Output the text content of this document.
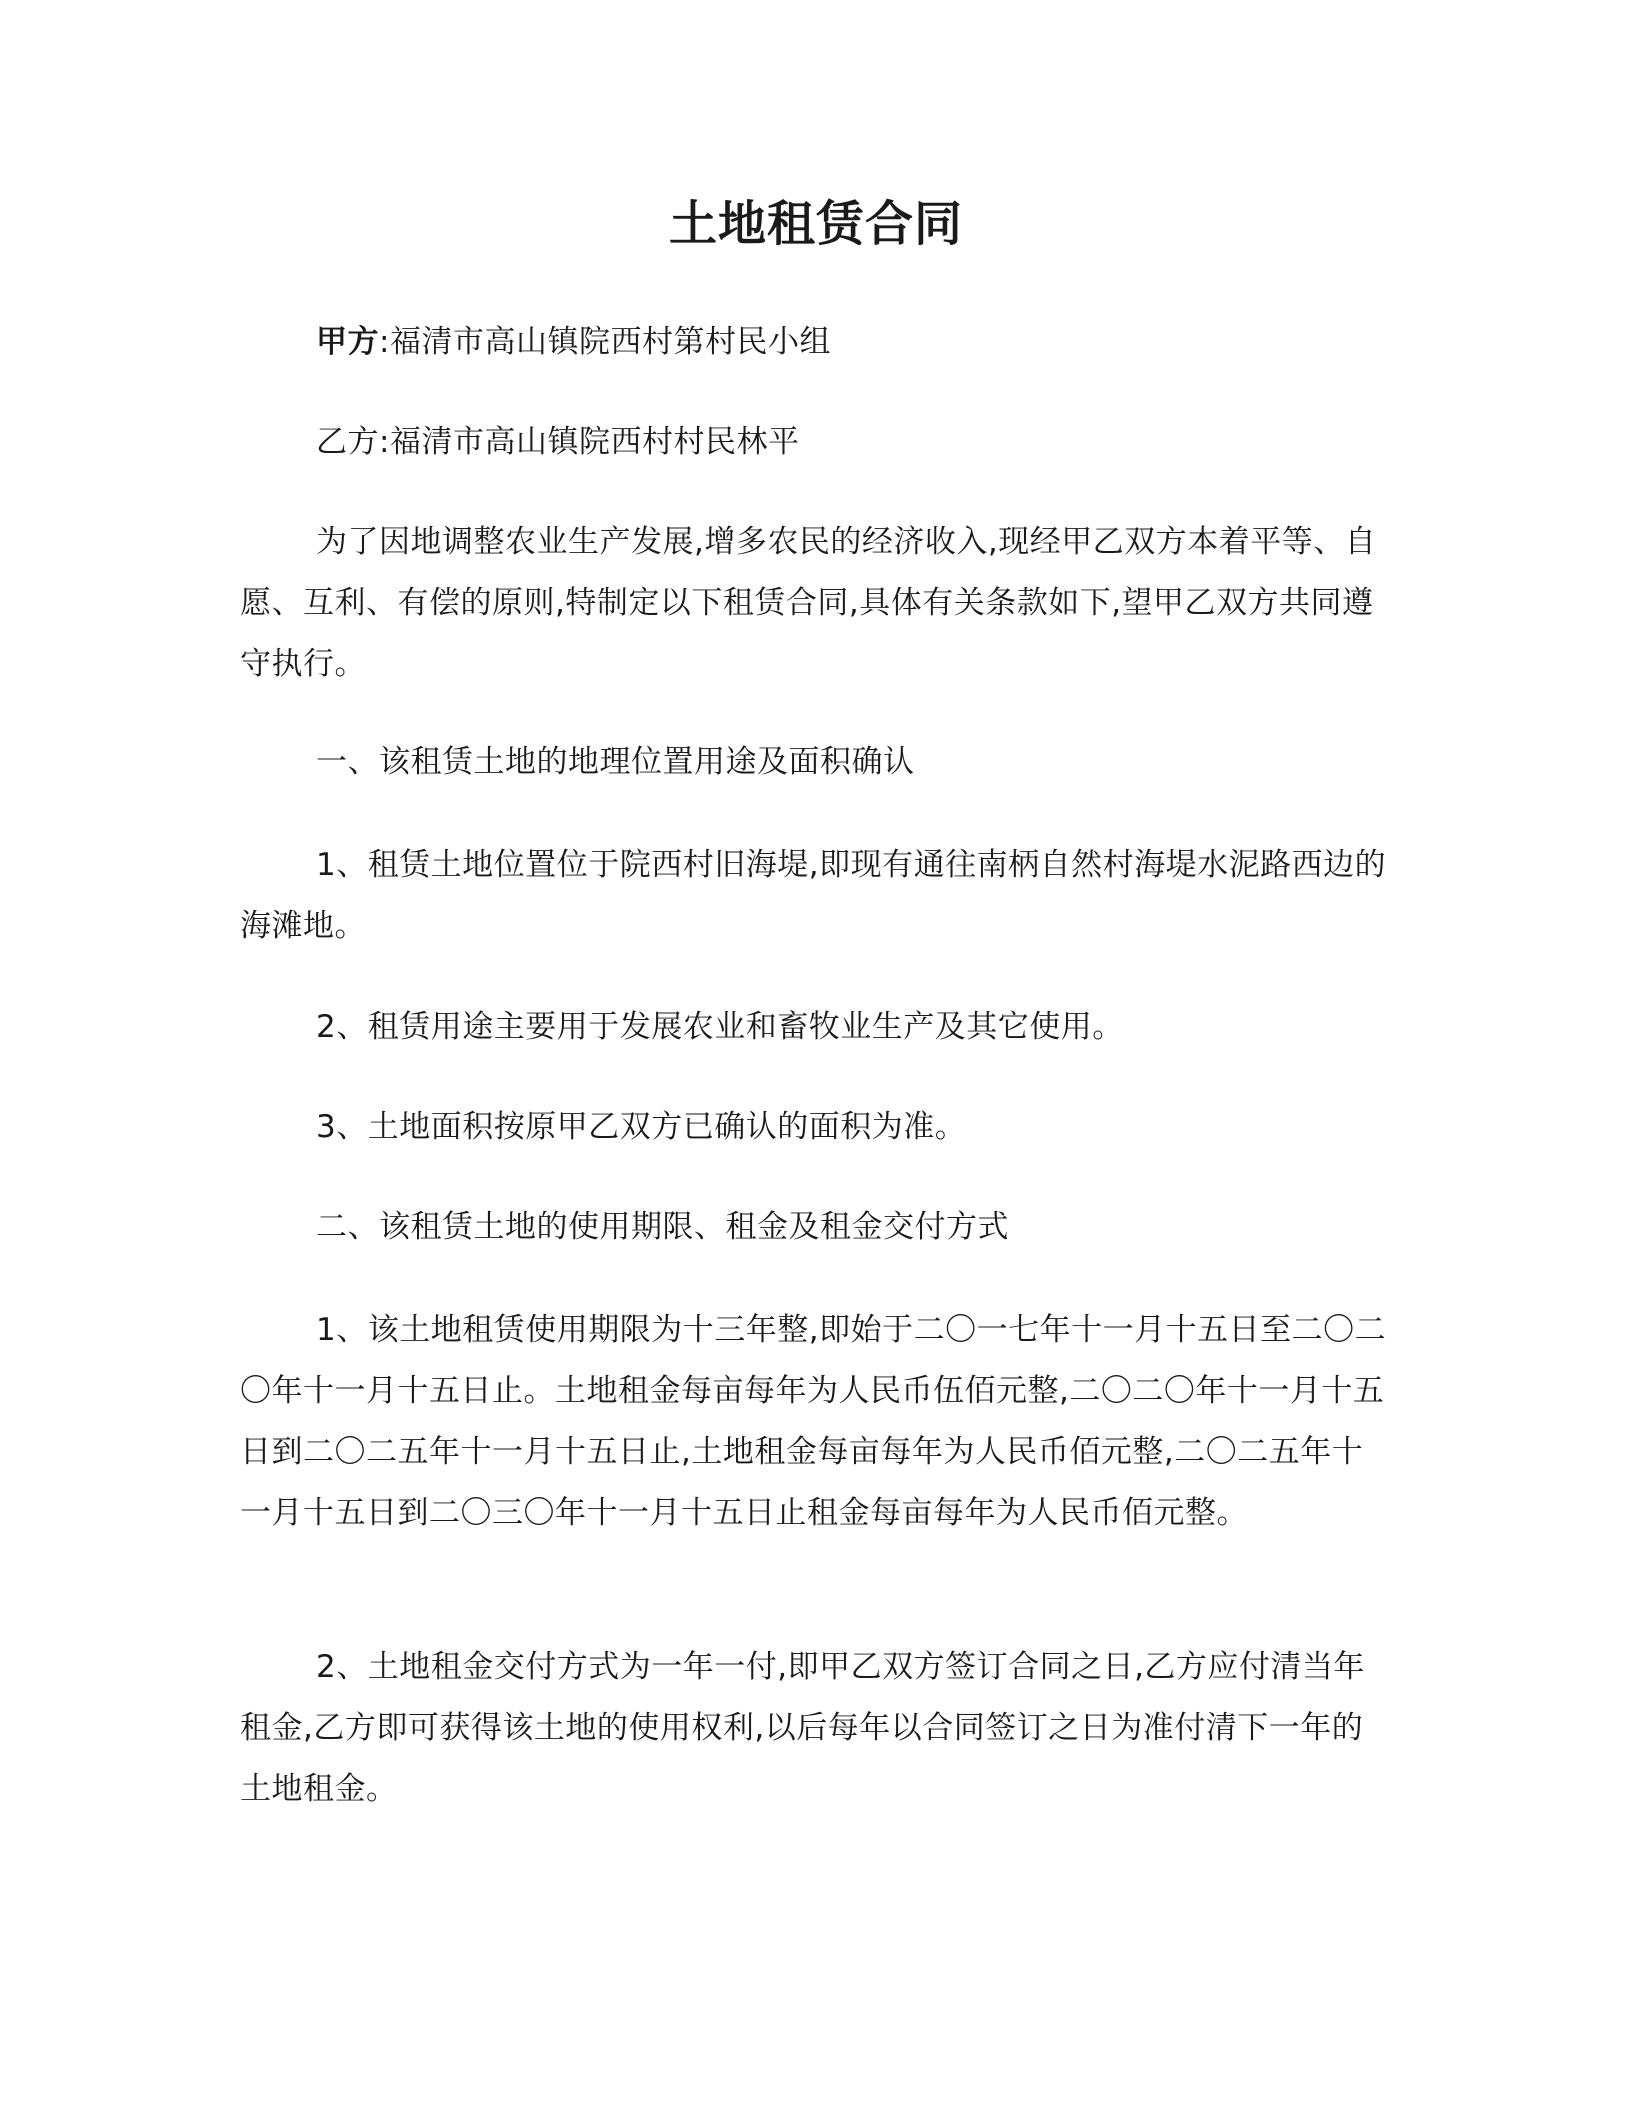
土地租赁合同
甲方:福清市高山镇院西村第村民小组
乙方:福清市高山镇院西村村民林平
为了因地调整农业生产发展,增多农民的经济收入,现经甲乙双方本着平等、自愿、互利、有偿的原则,特制定以下租赁合同,具体有关条款如下,望甲乙双方共同遵守执行。
一、该租赁土地的地理位置用途及面积确认
1、租赁土地位置位于院西村旧海堤,即现有通往南柄自然村海堤水泥路西边的海滩地。
2、租赁用途主要用于发展农业和畜牧业生产及其它使用。
3、土地面积按原甲乙双方已确认的面积为准。
二、该租赁土地的使用期限、租金及租金交付方式
1、该土地租赁使用期限为十三年整,即始于二〇一七年十一月十五日至二〇二〇年十一月十五日止。土地租金每亩每年为人民币伍佰元整,二〇二〇年十一月十五日到二〇二五年十一月十五日止,土地租金每亩每年为人民币佰元整,二〇二五年十一月十五日到二〇三〇年十一月十五日止租金每亩每年为人民币佰元整。
2、土地租金交付方式为一年一付,即甲乙双方签订合同之日,乙方应付清当年租金,乙方即可获得该土地的使用权利,以后每年以合同签订之日为准付清下一年的土地租金。
